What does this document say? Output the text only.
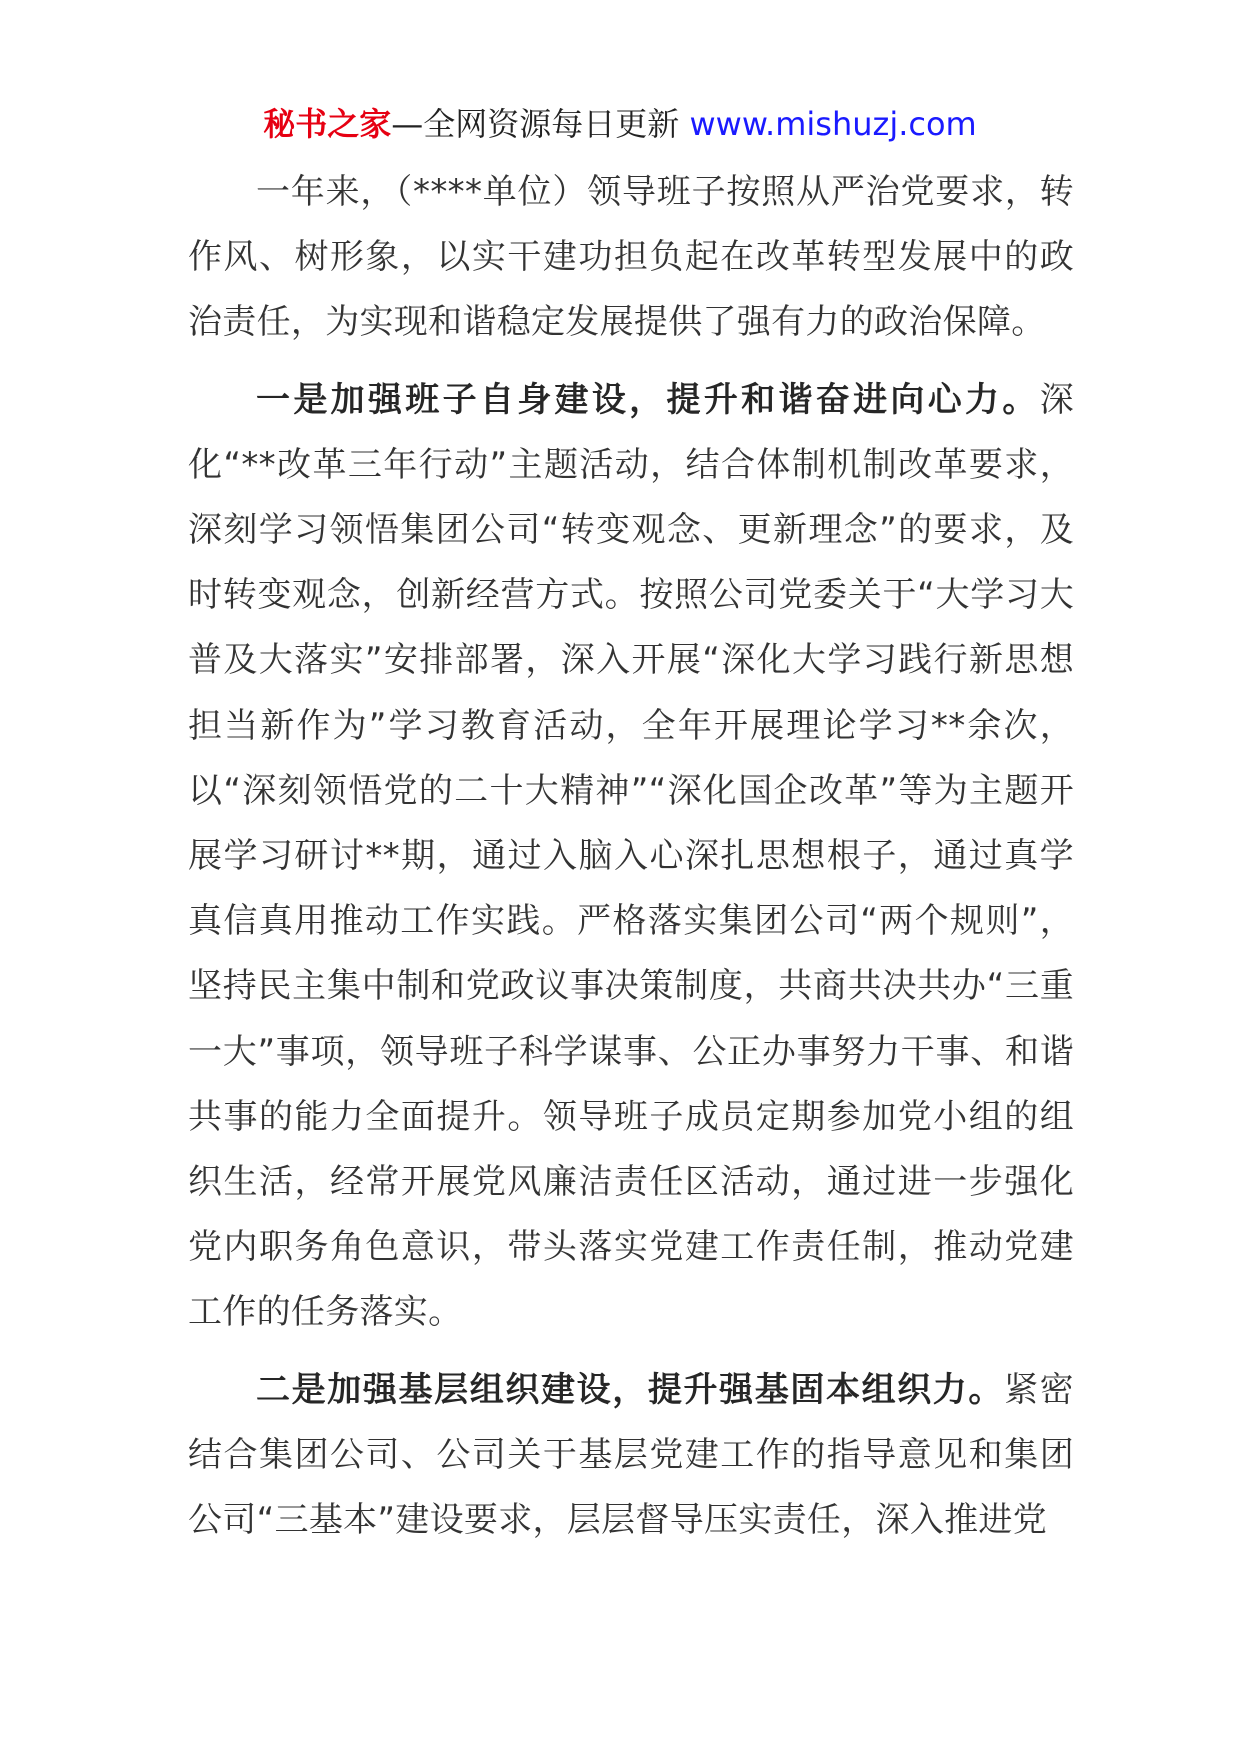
秘书之家—全网资源每日更新 www.mishuzj.com

一年来，（****单位）领导班子按照从严治党要求，转作风、树形象，以实干建功担负起在改革转型发展中的政治责任，为实现和谐稳定发展提供了强有力的政治保障。

一是加强班子自身建设，提升和谐奋进向心力。深化“**改革三年行动”主题活动，结合体制机制改革要求，深刻学习领悟集团公司“转变观念、更新理念”的要求，及时转变观念，创新经营方式。按照公司党委关于“大学习大普及大落实”安排部署，深入开展“深化大学习践行新思想担当新作为”学习教育活动，全年开展理论学习**余次，以“深刻领悟党的二十大精神”“深化国企改革”等为主题开展学习研讨**期，通过入脑入心深扎思想根子，通过真学真信真用推动工作实践。严格落实集团公司“两个规则”，坚持民主集中制和党政议事决策制度，共商共决共办“三重一大”事项，领导班子科学谋事、公正办事努力干事、和谐共事的能力全面提升。领导班子成员定期参加党小组的组织生活，经常开展党风廉洁责任区活动，通过进一步强化党内职务角色意识，带头落实党建工作责任制，推动党建工作的任务落实。

二是加强基层组织建设，提升强基固本组织力。紧密结合集团公司、公司关于基层党建工作的指导意见和集团公司“三基本”建设要求，层层督导压实责任，深入推进党
